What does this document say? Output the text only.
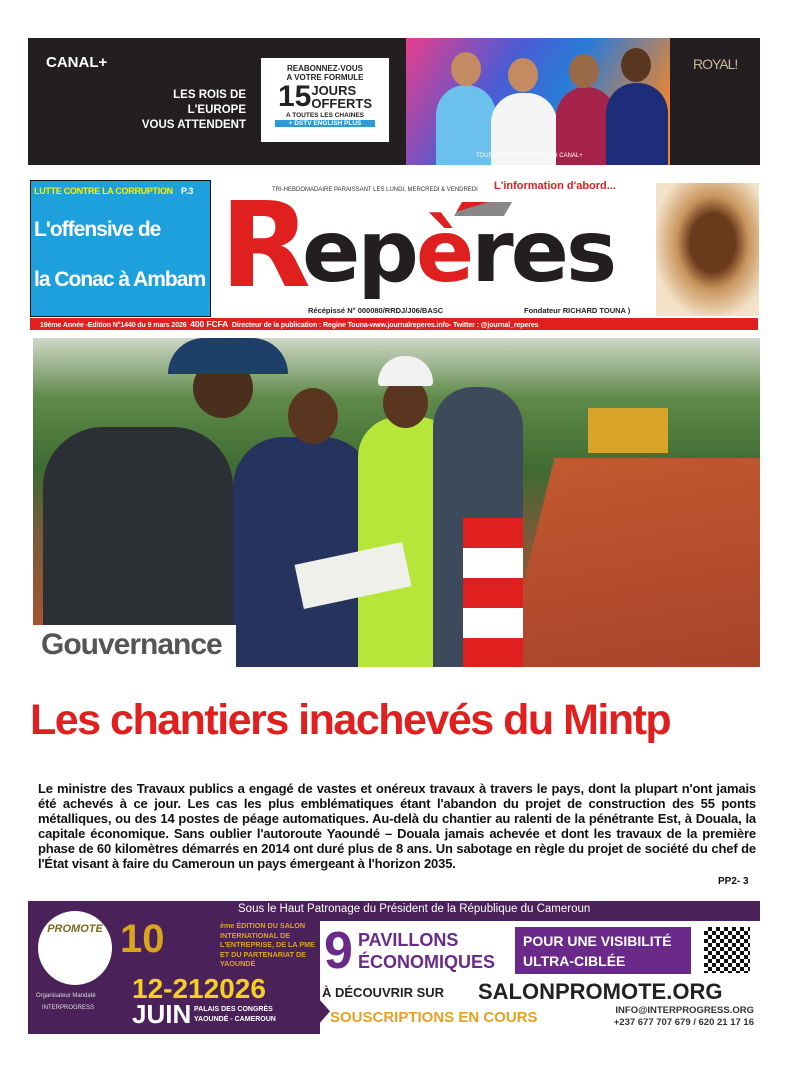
CANAL+
LES ROIS DE L'EUROPE
VOUS ATTENDENT
REABONNEZ-VOUS
A VOTRE FORMULE
15JOURS
OFFERTS
A TOUTES LES CHAINES
+ DSTV ENGLISH PLUS
TOUS LES MERCREDIS SUR CANAL+
ROYAL!
LUTTE CONTRE LA CORRUPTION P.3
L'offensive de
la Conac à Ambam
TRI-HEBDOMADAIRE PARAISSANT LES LUNDI, MERCREDI & VENDREDI L'information d'abord...
R
epères
Récépissé N° 000080/RRDJ/J06/BASC	Fondateur RICHARD TOUNA )
19ème Année -Edition N°1440 du 9 mars 2026 400 FCFA Directeur de la publication : Regine Touna-www.journalreperes.info- Twitter : @journal_reperes
Gouvernance
Les chantiers inachevés du Mintp
Le ministre des Travaux publics a engagé de vastes et onéreux travaux à travers le pays, dont la plupart n'ont jamais été achevés à ce jour. Les cas les plus emblématiques étant l'abandon du projet de construction des 55 ponts métalliques, ou des 14 postes de péage automatiques. Au-delà du chantier au ralenti de la pénétrante Est, à Douala, la capitale économique. Sans oublier l'autoroute Yaoundé – Douala jamais achevée et dont les travaux de la première phase de 60 kilomètres démarrés en 2014 ont duré plus de 8 ans. Un sabotage en règle du projet de société du chef de l'État visant à faire du Cameroun un pays émergeant à l'horizon 2035.
PP2- 3
Sous le Haut Patronage du Président de la République du Cameroun
PROMOTE 10	ème ÉDITION DU SALON INTERNATIONAL DE L'ENTREPRISE, DE LA PME ET DU PARTENARIAT DE YAOUNDÉ
Organisateur Mandaté
INTERPROGRESS
12-212026
JUIN PALAIS DES CONGRÈS
YAOUNDÉ - CAMEROUN
9 PAVILLONS
ÉCONOMIQUES
POUR UNE VISIBILITÉ
ULTRA-CIBLÉE
À DÉCOUVRIR SUR SALONPROMOTE.ORG
SOUSCRIPTIONS EN COURS	INFO@INTERPROGRESS.ORG
+237 677 707 679 / 620 21 17 16
